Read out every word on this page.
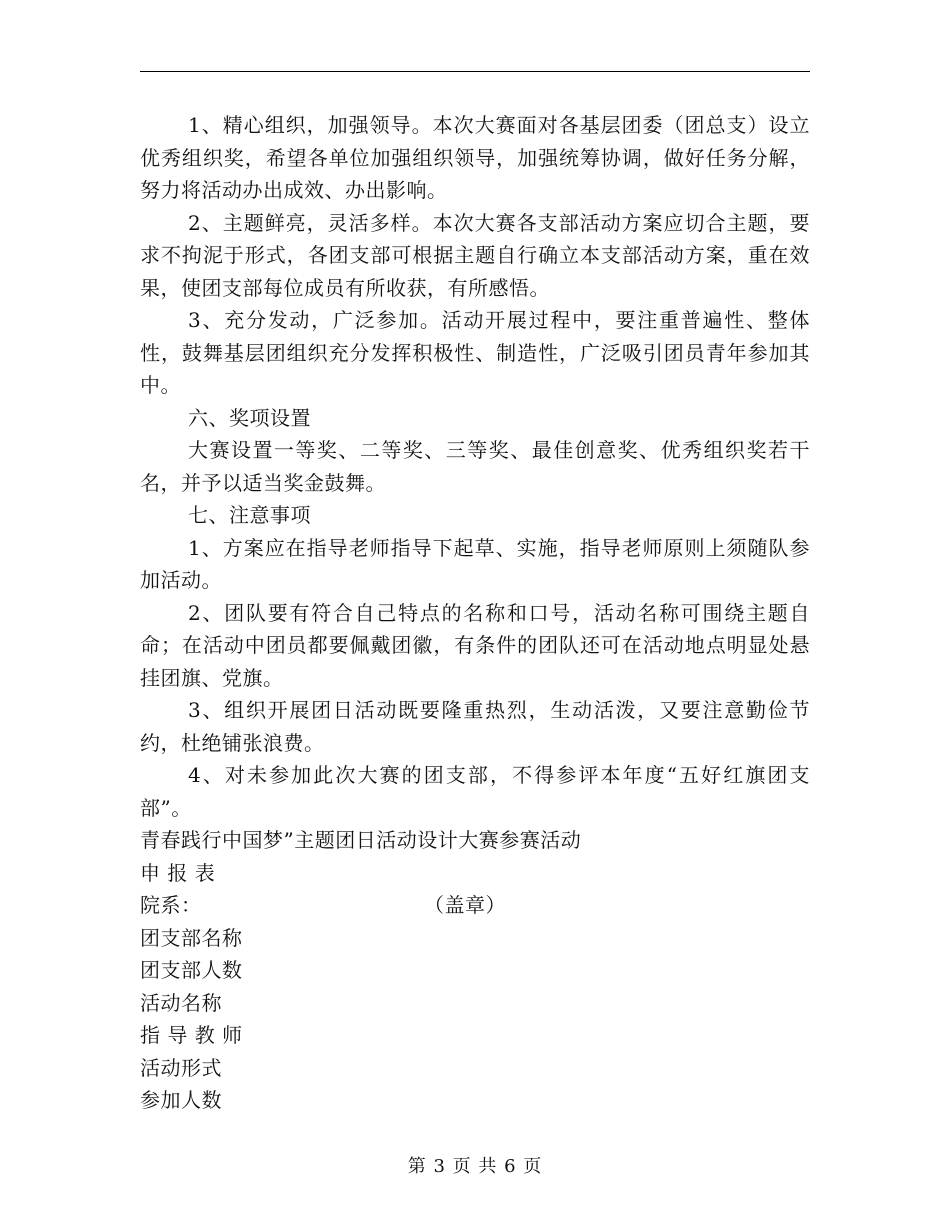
1、精心组织，加强领导。本次大赛面对各基层团委（团总支）设立优秀组织奖，希望各单位加强组织领导，加强统筹协调，做好任务分解，努力将活动办出成效、办出影响。

2、主题鲜亮，灵活多样。本次大赛各支部活动方案应切合主题，要求不拘泥于形式，各团支部可根据主题自行确立本支部活动方案，重在效果，使团支部每位成员有所收获，有所感悟。

3、充分发动，广泛参加。活动开展过程中，要注重普遍性、整体性，鼓舞基层团组织充分发挥积极性、制造性，广泛吸引团员青年参加其中。

六、奖项设置

大赛设置一等奖、二等奖、三等奖、最佳创意奖、优秀组织奖若干名，并予以适当奖金鼓舞。

七、注意事项

1、方案应在指导老师指导下起草、实施，指导老师原则上须随队参加活动。

2、团队要有符合自己特点的名称和口号，活动名称可围绕主题自命；在活动中团员都要佩戴团徽，有条件的团队还可在活动地点明显处悬挂团旗、党旗。

3、组织开展团日活动既要隆重热烈，生动活泼，又要注意勤俭节约，杜绝铺张浪费。

4、对未参加此次大赛的团支部，不得参评本年度“五好红旗团支部”。

青春践行中国梦”主题团日活动设计大赛参赛活动

申 报 表

院系：	（盖章）

团支部名称

团支部人数

活动名称

指 导 教 师

活动形式

参加人数

第 3 页 共 6 页
